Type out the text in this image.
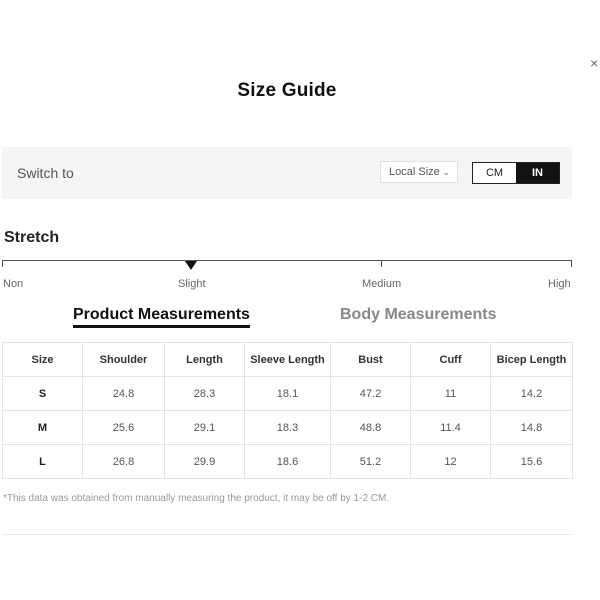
×
Size Guide
Switch to	Local Size ⌄	CM	IN
Stretch
Non	Slight	Medium	High
Product Measurements	Body Measurements
Size	Shoulder	Length	Sleeve Length	Bust	Cuff	Bicep Length
S	24.8	28.3	18.1	47.2	11	14.2
M	25.6	29.1	18.3	48.8	11.4	14.8
L	26.8	29.9	18.6	51.2	12	15.6
*This data was obtained from manually measuring the product, it may be off by 1-2 CM.
